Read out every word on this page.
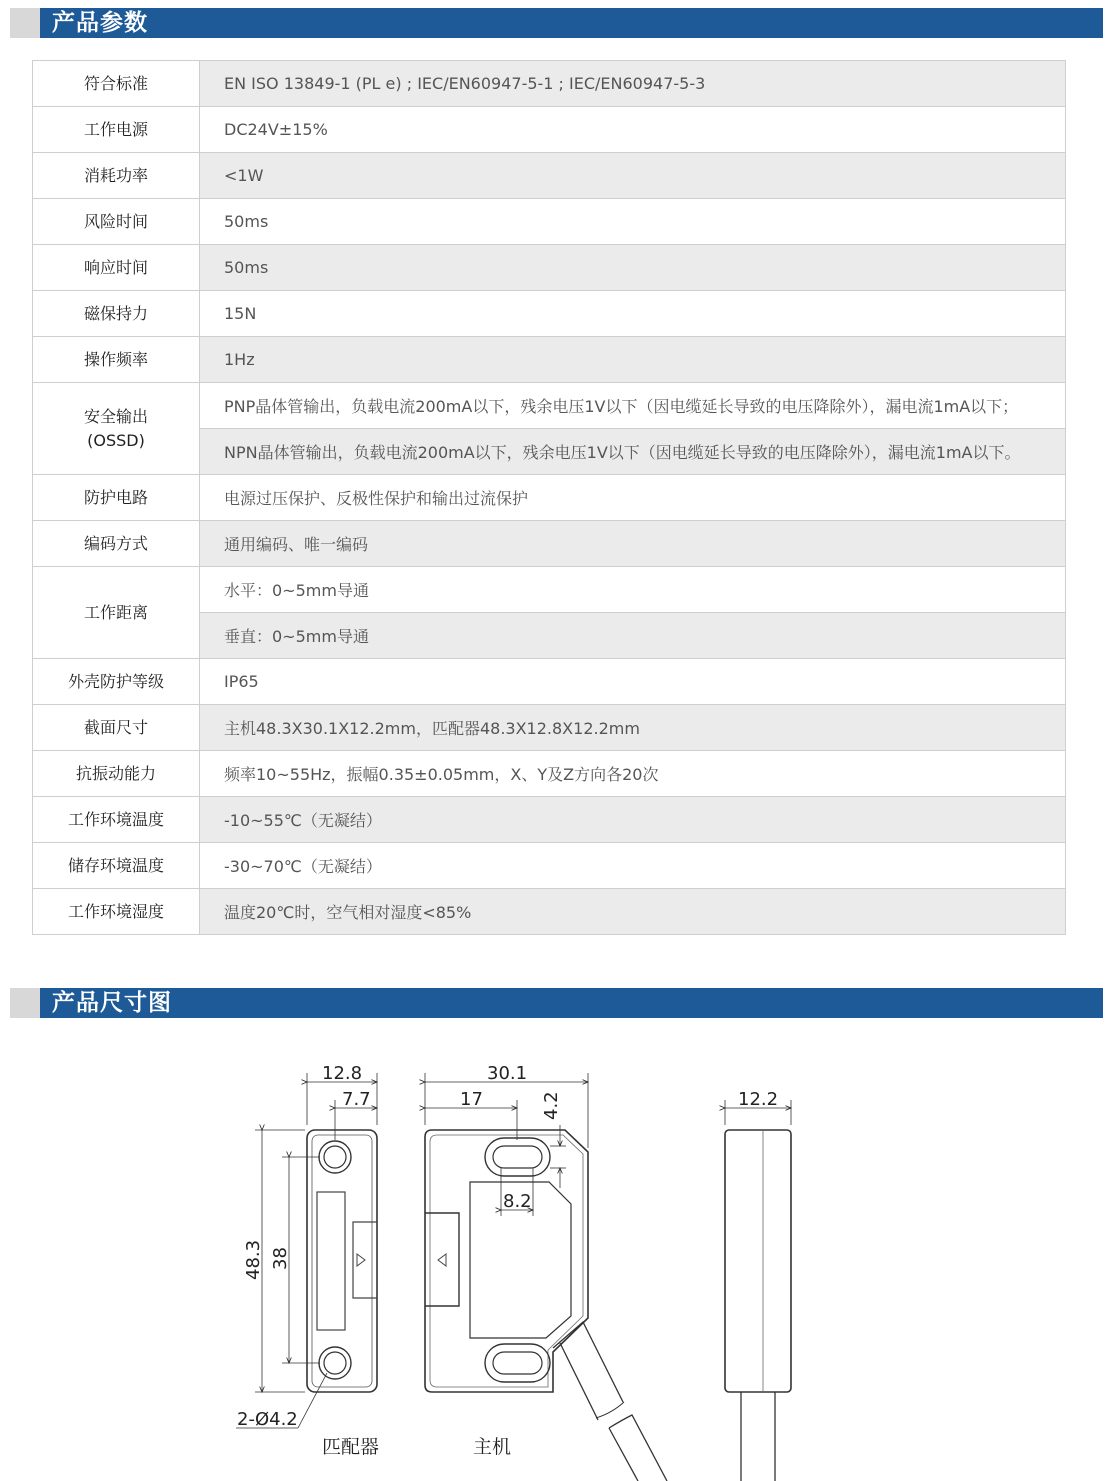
产品参数
符合标准	EN ISO 13849-1 (PL e) ; IEC/EN60947-5-1 ; IEC/EN60947-5-3
工作电源	DC24V±15%
消耗功率	<1W
风险时间	50ms
响应时间	50ms
磁保持力	15N
操作频率	1Hz
安全输出
(OSSD)	PNP晶体管输出，负载电流200mA以下，残余电压1V以下（因电缆延长导致的电压降除外），漏电流1mA以下；
	NPN晶体管输出，负载电流200mA以下，残余电压1V以下（因电缆延长导致的电压降除外），漏电流1mA以下。
防护电路	电源过压保护、反极性保护和输出过流保护
编码方式	通用编码、唯一编码
工作距离	水平：0~5mm导通
	垂直：0~5mm导通
外壳防护等级	IP65
截面尺寸	主机48.3X30.1X12.2mm，匹配器48.3X12.8X12.2mm
抗振动能力	频率10~55Hz，振幅0.35±0.05mm，X、Y及Z方向各20次
工作环境温度	-10~55℃（无凝结）
储存环境温度	-30~70℃（无凝结）
工作环境湿度	温度20℃时，空气相对湿度<85%
产品尺寸图
12.8
7.7
48.3 38
2-Ø4.2
匹配器
30.1
17	4.2
8.2
主机
12.2
